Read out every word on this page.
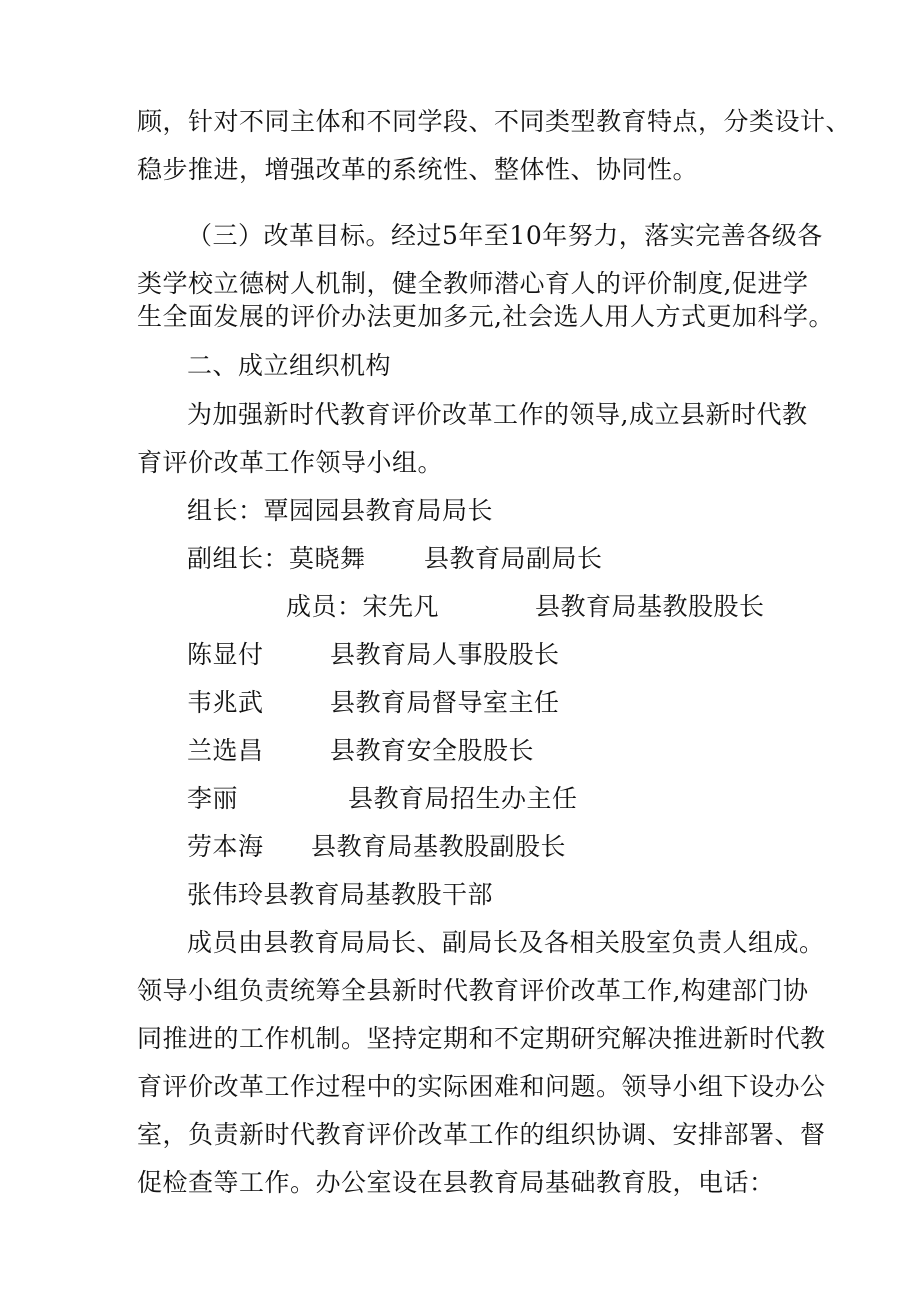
顾，针对不同主体和不同学段、不同类型教育特点，分类设计、
稳步推进，增强改革的系统性、整体性、协同性。
（三）改革目标。经过5年至10年努力，落实完善各级各
类学校立德树人机制，健全教师潜心育人的评价制度,促进学
生全面发展的评价办法更加多元,社会选人用人方式更加科学。
二、成立组织机构
为加强新时代教育评价改革工作的领导,成立县新时代教
育评价改革工作领导小组。
组长：覃园园县教育局局长
副组长：莫晓舞 县教育局副局长
成员：宋先凡	县教育局基教股股长
陈显付	县教育局人事股股长
韦兆武	县教育局督导室主任
兰选昌	县教育安全股股长
李丽	县教育局招生办主任
劳本海 县教育局基教股副股长
张伟玲县教育局基教股干部
成员由县教育局局长、副局长及各相关股室负责人组成。
领导小组负责统筹全县新时代教育评价改革工作,构建部门协
同推进的工作机制。坚持定期和不定期研究解决推进新时代教
育评价改革工作过程中的实际困难和问题。领导小组下设办公
室，负责新时代教育评价改革工作的组织协调、安排部署、督
促检查等工作。办公室设在县教育局基础教育股，电话：
